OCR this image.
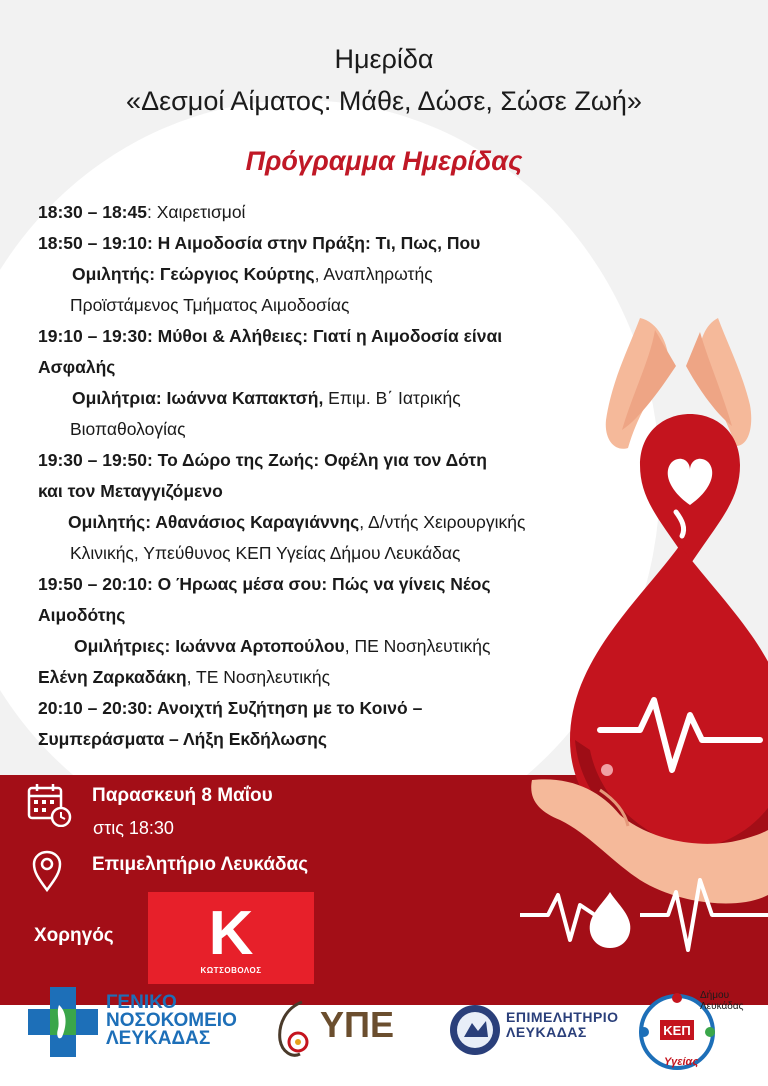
Ημερίδα
«Δεσμοί Αίματος: Μάθε, Δώσε, Σώσε Ζωή»
Πρόγραμμα Ημερίδας
18:30 – 18:45: Χαιρετισμοί
18:50 – 19:10: Η Αιμοδοσία στην Πράξη: Τι, Πως, Που
Ομιλητής: Γεώργιος Κούρτης, Αναπληρωτής
Προϊστάμενος Τμήματος Αιμοδοσίας
19:10 – 19:30: Μύθοι & Αλήθειες: Γιατί η Αιμοδοσία είναι
Ασφαλής
Ομιλήτρια: Ιωάννα Καπακτσή, Επιμ. Β΄ Ιατρικής
Βιοπαθολογίας
19:30 – 19:50: Το Δώρο της Ζωής: Οφέλη για τον Δότη
και τον Μεταγγιζόμενο
Ομιλητής: Αθανάσιος Καραγιάννης, Δ/ντής Χειρουργικής
Κλινικής, Υπεύθυνος ΚΕΠ Υγείας Δήμου Λευκάδας
19:50 – 20:10: Ο Ήρωας μέσα σου: Πώς να γίνεις Νέος
Αιμοδότης
Ομιλήτριες: Ιωάννα Αρτοπούλου, ΠΕ Νοσηλευτικής
Ελένη Ζαρκαδάκη, ΤΕ Νοσηλευτικής
20:10 – 20:30: Ανοιχτή Συζήτηση με το Κοινό –
Συμπεράσματα – Λήξη Εκδήλωσης
Παρασκευή 8 Μαΐου
στις 18:30
Επιμελητήριο Λευκάδας
Χορηγός	K
ΚΩΤΣΟΒΟΛΟΣ
ΓΕΝΙΚΟ
ΝΟΣΟΚΟΜΕΙΟ
ΛΕΥΚΑΔΑΣ	ΥΠΕ	ΕΠΙΜΕΛΗΤΗΡΙΟ
ΛΕΥΚΑΔΑΣ
Δήμου Λευκάδας
ΚΕΠ
Υγείας
